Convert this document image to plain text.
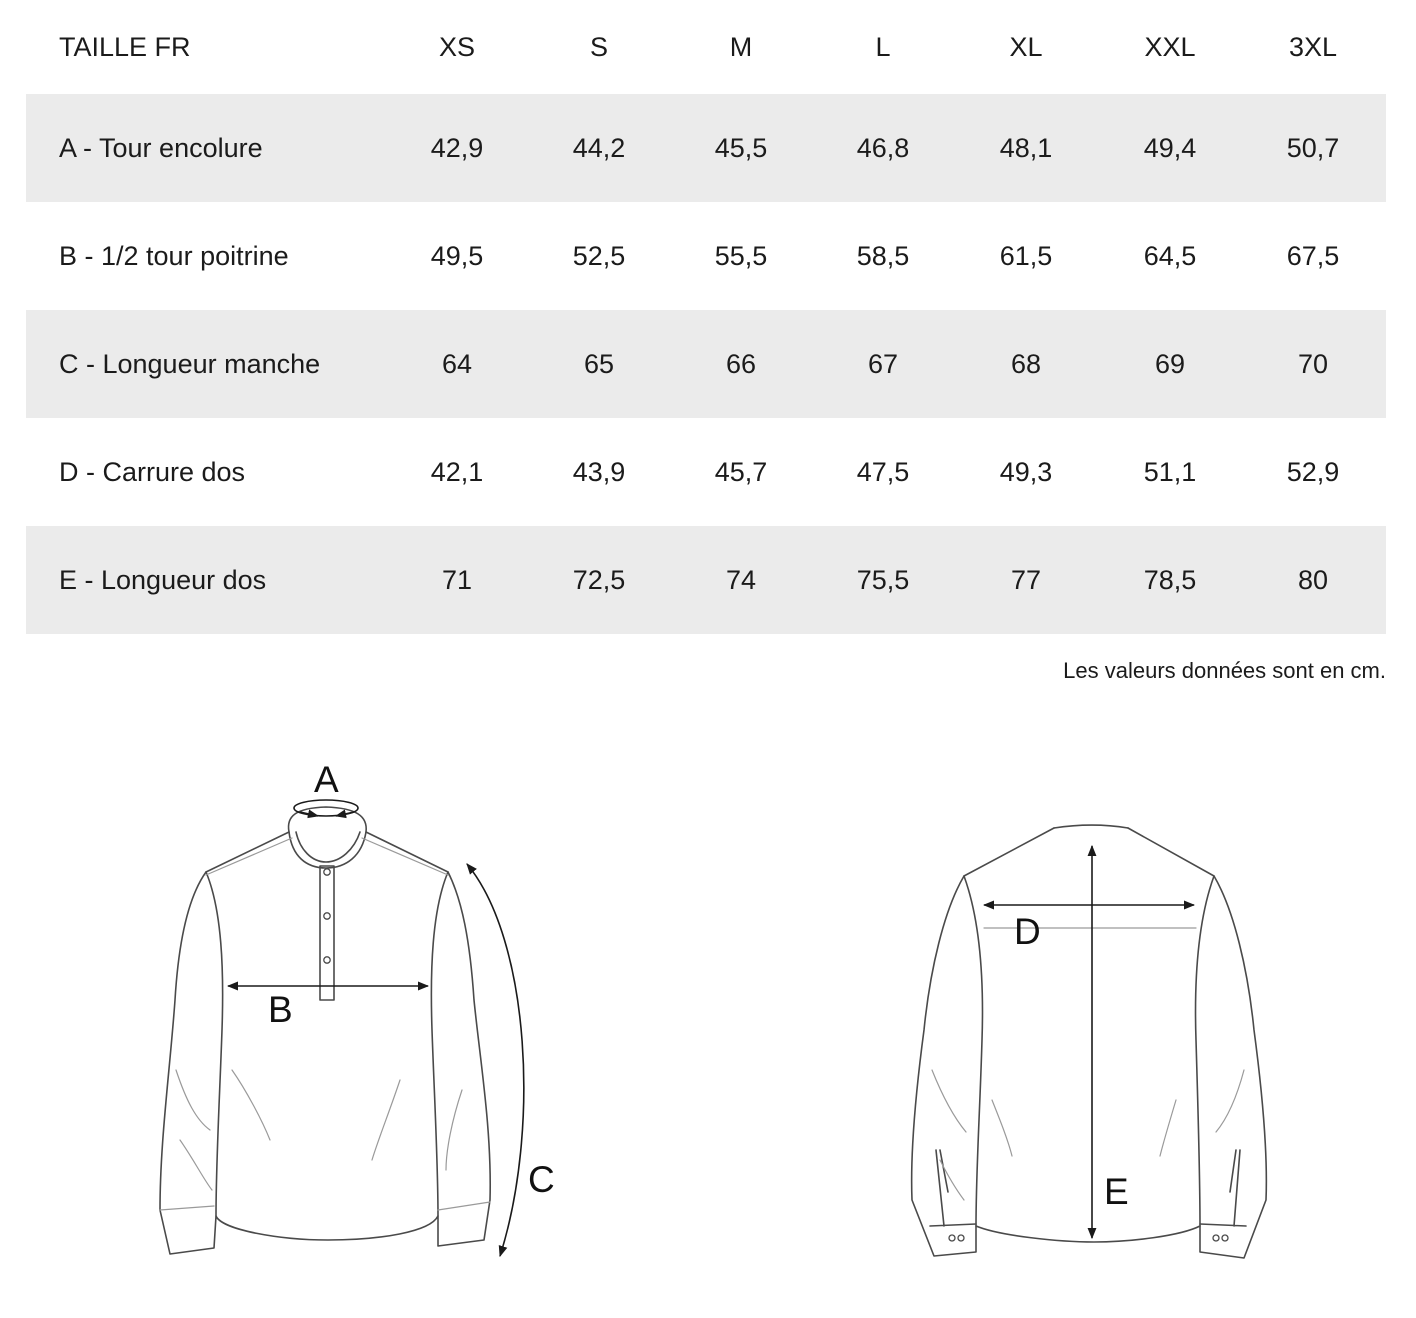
TAILLE FR	XS	S	M	L	XL	XXL	3XL
A - Tour encolure	42,9	44,2	45,5	46,8	48,1	49,4	50,7
B - 1/2 tour poitrine	49,5	52,5	55,5	58,5	61,5	64,5	67,5
C - Longueur manche	64	65	66	67	68	69	70
D - Carrure dos	42,1	43,9	45,7	47,5	49,3	51,1	52,9
E - Longueur dos	71	72,5	74	75,5	77	78,5	80
Les valeurs données sont en cm.
A
B
C
D
E
